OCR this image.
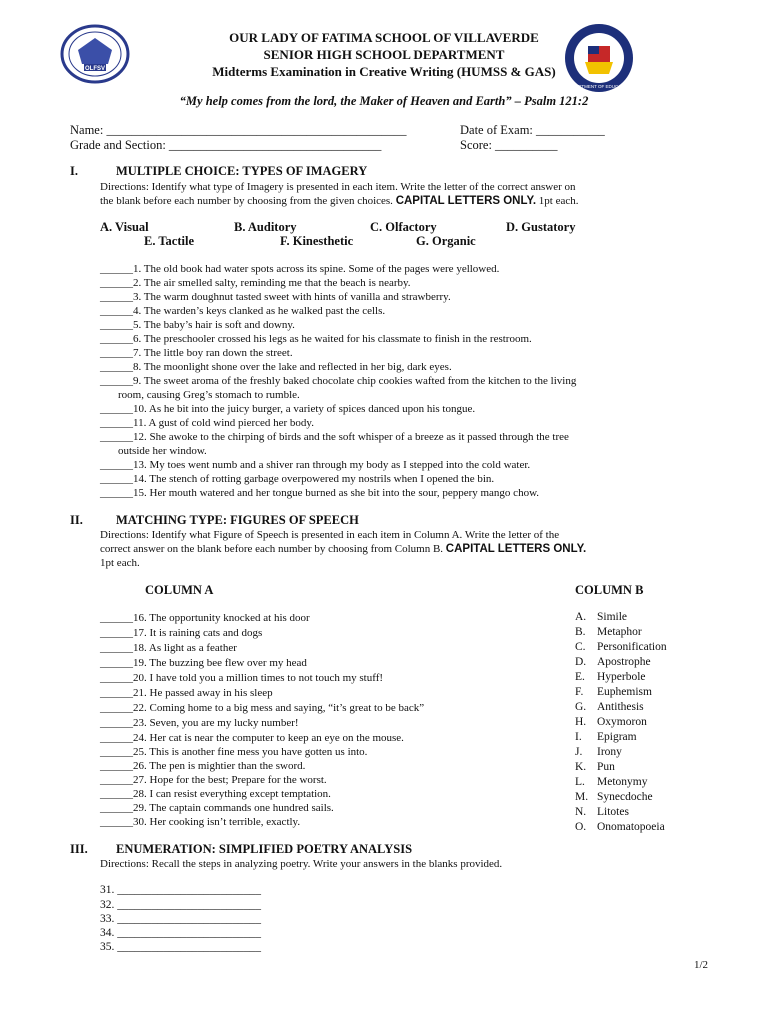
OLFSV
DEPARTMENT OF EDUCATION
OUR LADY OF FATIMA SCHOOL OF VILLAVERDE
SENIOR HIGH SCHOOL DEPARTMENT
Midterms Examination in Creative Writing (HUMSS & GAS)
“My help comes from the lord, the Maker of Heaven and Earth” – Psalm 121:2
Name: ________________________________________________
Grade and Section: __________________________________
Date of Exam: ___________
Score: __________
I.	MULTIPLE CHOICE: TYPES OF IMAGERY
Directions: Identify what type of Imagery is presented in each item. Write the letter of the correct answer on
the blank before each number by choosing from the given choices. CAPITAL LETTERS ONLY. 1pt each.
A. Visual	B. Auditory	C. Olfactory	D. Gustatory
E. Tactile	F. Kinesthetic	G. Organic
______1. The old book had water spots across its spine. Some of the pages were yellowed.
______2. The air smelled salty, reminding me that the beach is nearby.
______3. The warm doughnut tasted sweet with hints of vanilla and strawberry.
______4. The warden’s keys clanked as he walked past the cells.
______5. The baby’s hair is soft and downy.
______6. The preschooler crossed his legs as he waited for his classmate to finish in the restroom.
______7. The little boy ran down the street.
______8. The moonlight shone over the lake and reflected in her big, dark eyes.
______9. The sweet aroma of the freshly baked chocolate chip cookies wafted from the kitchen to the living
room, causing Greg’s stomach to rumble.
______10. As he bit into the juicy burger, a variety of spices danced upon his tongue.
______11. A gust of cold wind pierced her body.
______12. She awoke to the chirping of birds and the soft whisper of a breeze as it passed through the tree
outside her window.
______13. My toes went numb and a shiver ran through my body as I stepped into the cold water.
______14. The stench of rotting garbage overpowered my nostrils when I opened the bin.
______15. Her mouth watered and her tongue burned as she bit into the sour, peppery mango chow.
II.	MATCHING TYPE: FIGURES OF SPEECH
Directions: Identify what Figure of Speech is presented in each item in Column A. Write the letter of the
correct answer on the blank before each number by choosing from Column B. CAPITAL LETTERS ONLY.
1pt each.
COLUMN A	COLUMN B
______16. The opportunity knocked at his door
______17. It is raining cats and dogs
______18. As light as a feather
______19. The buzzing bee flew over my head
______20. I have told you a million times to not touch my stuff!
______21. He passed away in his sleep
______22. Coming home to a big mess and saying, “it’s great to be back”
______23. Seven, you are my lucky number!
______24. Her cat is near the computer to keep an eye on the mouse.
______25. This is another fine mess you have gotten us into.
______26. The pen is mightier than the sword.
______27. Hope for the best; Prepare for the worst.
______28. I can resist everything except temptation.
______29. The captain commands one hundred sails.
______30. Her cooking isn’t terrible, exactly.
A. Simile
B. Metaphor
C. Personification
D. Apostrophe
E. Hyperbole
F. Euphemism
G. Antithesis
H. Oxymoron
I. Epigram
J. Irony
K. Pun
L. Metonymy
M. Synecdoche
N. Litotes
O. Onomatopoeia
III. ENUMERATION: SIMPLIFIED POETRY ANALYSIS
Directions: Recall the steps in analyzing poetry. Write your answers in the blanks provided.
31. _________________________
32. _________________________
33. _________________________
34. _________________________
35. _________________________
1/2
